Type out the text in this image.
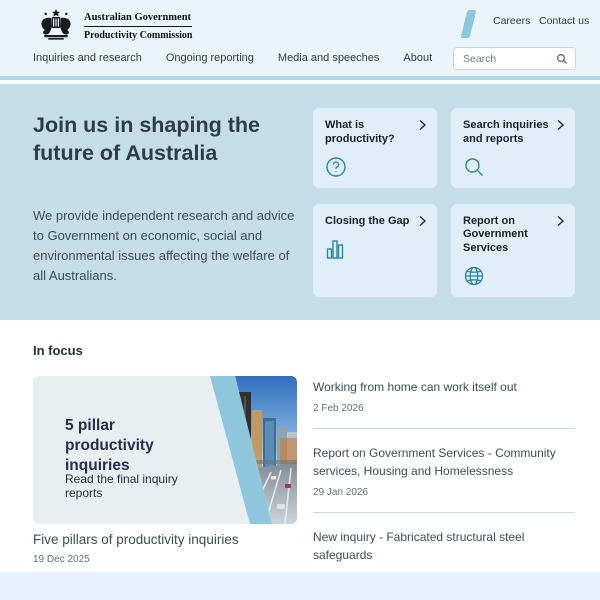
Australian Government
Productivity Commission
Careers Contact us
Inquiries and research Ongoing reporting Media and speeches About
Search
Join us in shaping the future of Australia

We provide independent research and advice to Government on economic, social and environmental issues affecting the welfare of all Australians.

What is productivity?
Search inquiries and reports
Closing the Gap	Report on Government Services
In focus
5 pillar productivity inquiries
Read the final inquiry reports
Five pillars of productivity inquiries
19 Dec 2025

Working from home can work itself out

2 Feb 2026

Report on Government Services - Community services, Housing and Homelessness

29 Jan 2026

New inquiry - Fabricated structural steel safeguards
